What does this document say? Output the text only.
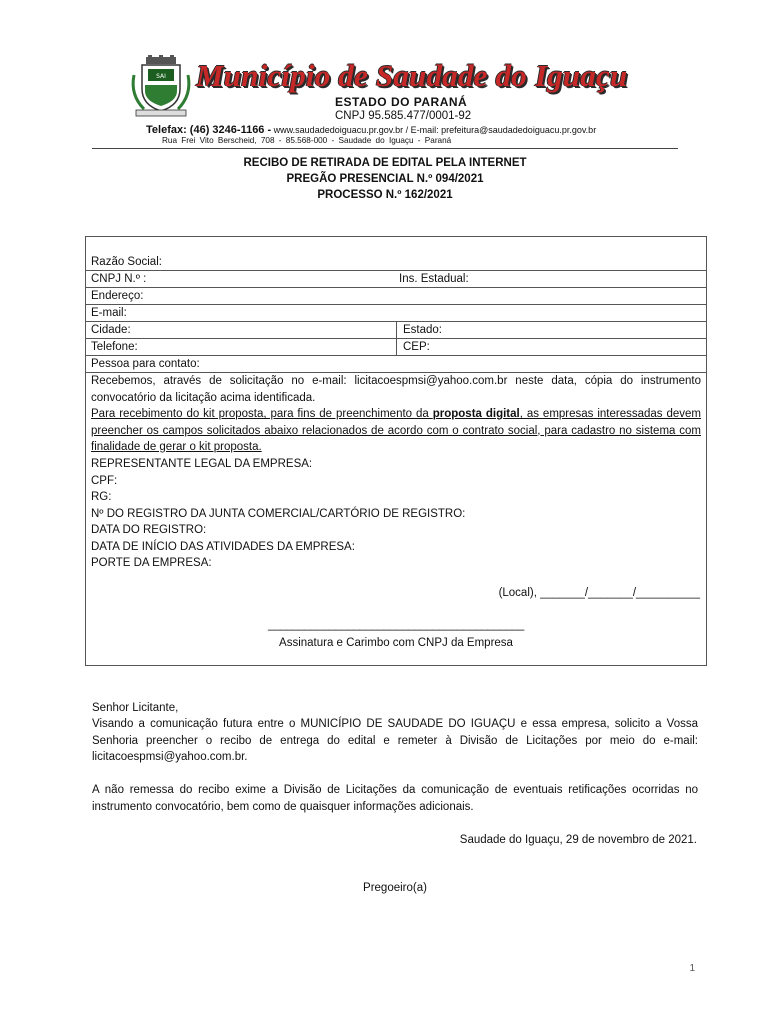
SAI Município de Saudade do Iguaçu
ESTADO DO PARANÁ
CNPJ 95.585.477/0001-92
Telefax: (46) 3246-1166 - www.saudadedoiguacu.pr.gov.br / E-mail: prefeitura@saudadedoiguacu.pr.gov.br
Rua Frei Vito Berscheid, 708 - 85.568-000 - Saudade do Iguaçu - Paraná
RECIBO DE RETIRADA DE EDITAL PELA INTERNET
PREGÃO PRESENCIAL N.º 094/2021
PROCESSO N.º 162/2021
Razão Social:
CNPJ N.º :	Ins. Estadual:
Endereço:
E-mail:
Cidade:	Estado:
Telefone:	CEP:
Pessoa para contato:
Recebemos, através de solicitação no e-mail: licitacoespmsi@yahoo.com.br neste data, cópia do instrumento convocatório da licitação acima identificada.
Para recebimento do kit proposta, para fins de preenchimento da proposta digital, as empresas interessadas devem preencher os campos solicitados abaixo relacionados de acordo com o contrato social, para cadastro no sistema com finalidade de gerar o kit proposta.
REPRESENTANTE LEGAL DA EMPRESA:
CPF:
RG:
Nº DO REGISTRO DA JUNTA COMERCIAL/CARTÓRIO DE REGISTRO:
DATA DO REGISTRO:
DATA DE INÍCIO DAS ATIVIDADES DA EMPRESA:
PORTE DA EMPRESA:
(Local), _______/_______/__________
__________________________________________
Assinatura e Carimbo com CNPJ da Empresa
Senhor Licitante,
Visando a comunicação futura entre o MUNICÍPIO DE SAUDADE DO IGUAÇU e essa empresa, solicito a Vossa Senhoria preencher o recibo de entrega do edital e remeter à Divisão de Licitações por meio do e-mail: licitacoespmsi@yahoo.com.br.
A não remessa do recibo exime a Divisão de Licitações da comunicação de eventuais retificações ocorridas no instrumento convocatório, bem como de quaisquer informações adicionais.
Saudade do Iguaçu, 29 de novembro de 2021.
Pregoeiro(a)
1
